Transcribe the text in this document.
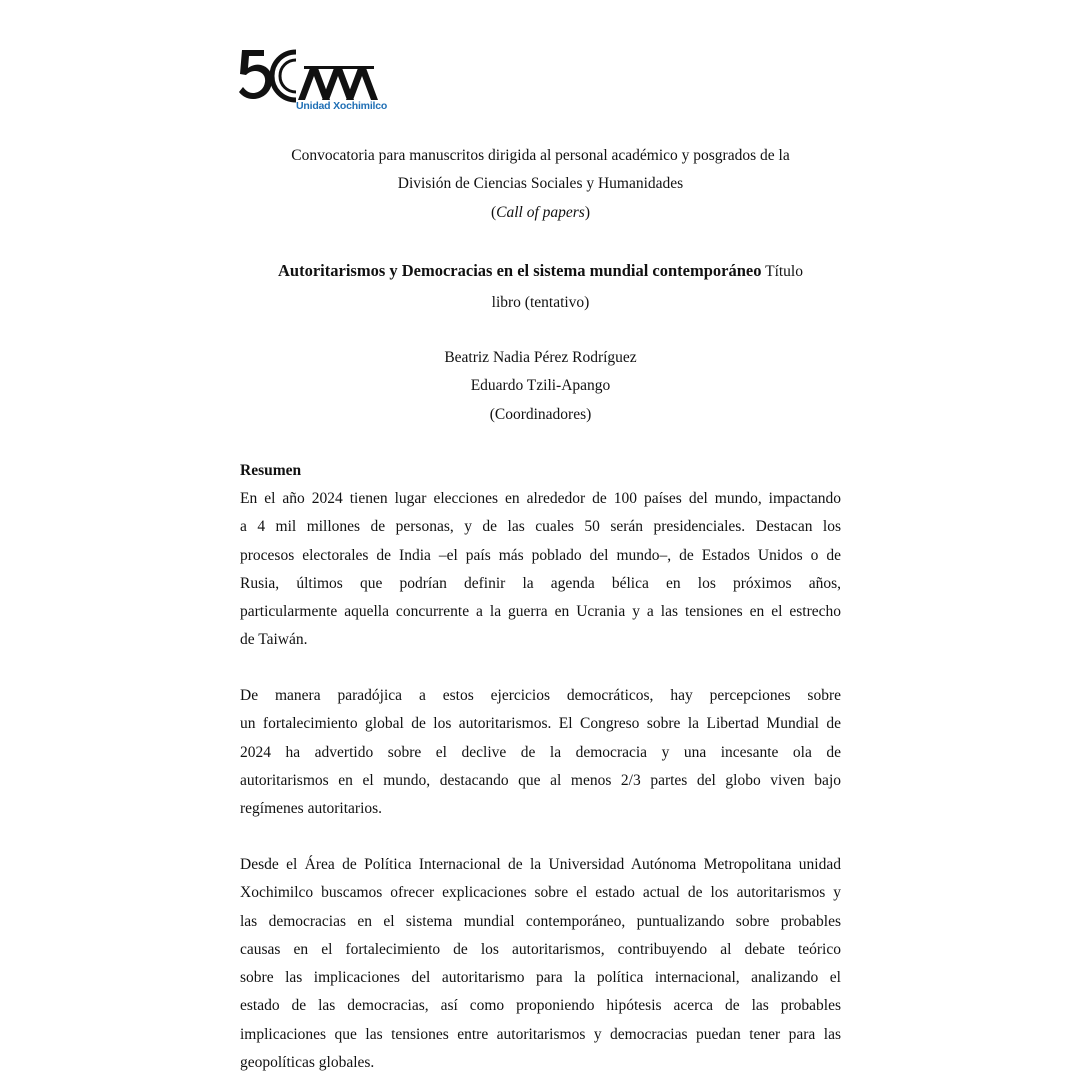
Unidad Xochimilco
Convocatoria para manuscritos dirigida al personal académico y posgrados de la
División de Ciencias Sociales y Humanidades
(Call of papers)
Autoritarismos y Democracias en el sistema mundial contemporáneo Título
libro (tentativo)
Beatriz Nadia Pérez Rodríguez
Eduardo Tzili-Apango
(Coordinadores)
Resumen
En el año 2024 tienen lugar elecciones en alrededor de 100 países del mundo, impactando
a 4 mil millones de personas, y de las cuales 50 serán presidenciales. Destacan los
procesos electorales de India –el país más poblado del mundo–, de Estados Unidos o de
Rusia, últimos que podrían definir la agenda bélica en los próximos años,
particularmente aquella concurrente a la guerra en Ucrania y a las tensiones en el estrecho
de Taiwán.
De manera paradójica a estos ejercicios democráticos, hay percepciones sobre
un fortalecimiento global de los autoritarismos. El Congreso sobre la Libertad Mundial de
2024 ha advertido sobre el declive de la democracia y una incesante ola de
autoritarismos en el mundo, destacando que al menos 2/3 partes del globo viven bajo
regímenes autoritarios.
Desde el Área de Política Internacional de la Universidad Autónoma Metropolitana unidad
Xochimilco buscamos ofrecer explicaciones sobre el estado actual de los autoritarismos y
las democracias en el sistema mundial contemporáneo, puntualizando sobre probables
causas en el fortalecimiento de los autoritarismos, contribuyendo al debate teórico
sobre las implicaciones del autoritarismo para la política internacional, analizando el
estado de las democracias, así como proponiendo hipótesis acerca de las probables
implicaciones que las tensiones entre autoritarismos y democracias puedan tener para las
geopolíticas globales.
